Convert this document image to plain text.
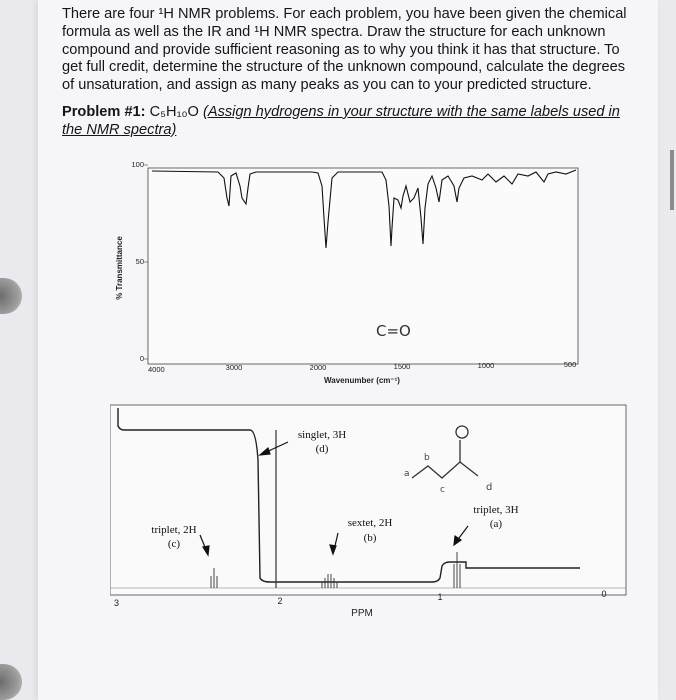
There are four ¹H NMR problems. For each problem, you have been given the chemical
formula as well as the IR and ¹H NMR spectra. Draw the structure for each unknown
compound and provide sufficient reasoning as to why you think it has that structure. To
get full credit, determine the structure of the unknown compound, calculate the degrees
of unsaturation, and assign as many peaks as you can to your predicted structure.
Problem #1: C₅H₁₀O (Assign hydrogens in your structure with the same labels used in
the NMR spectra)
% Transmittance
100
50
0
4000	3000	2000	1500	1000	500
Wavenumber (cm⁻¹)
C=O
singlet, 3H
(d)
triplet, 2H
(c)
sextet, 2H
(b)
triplet, 3H
(a)
a
b
c	d
3	2	1	0
PPM
